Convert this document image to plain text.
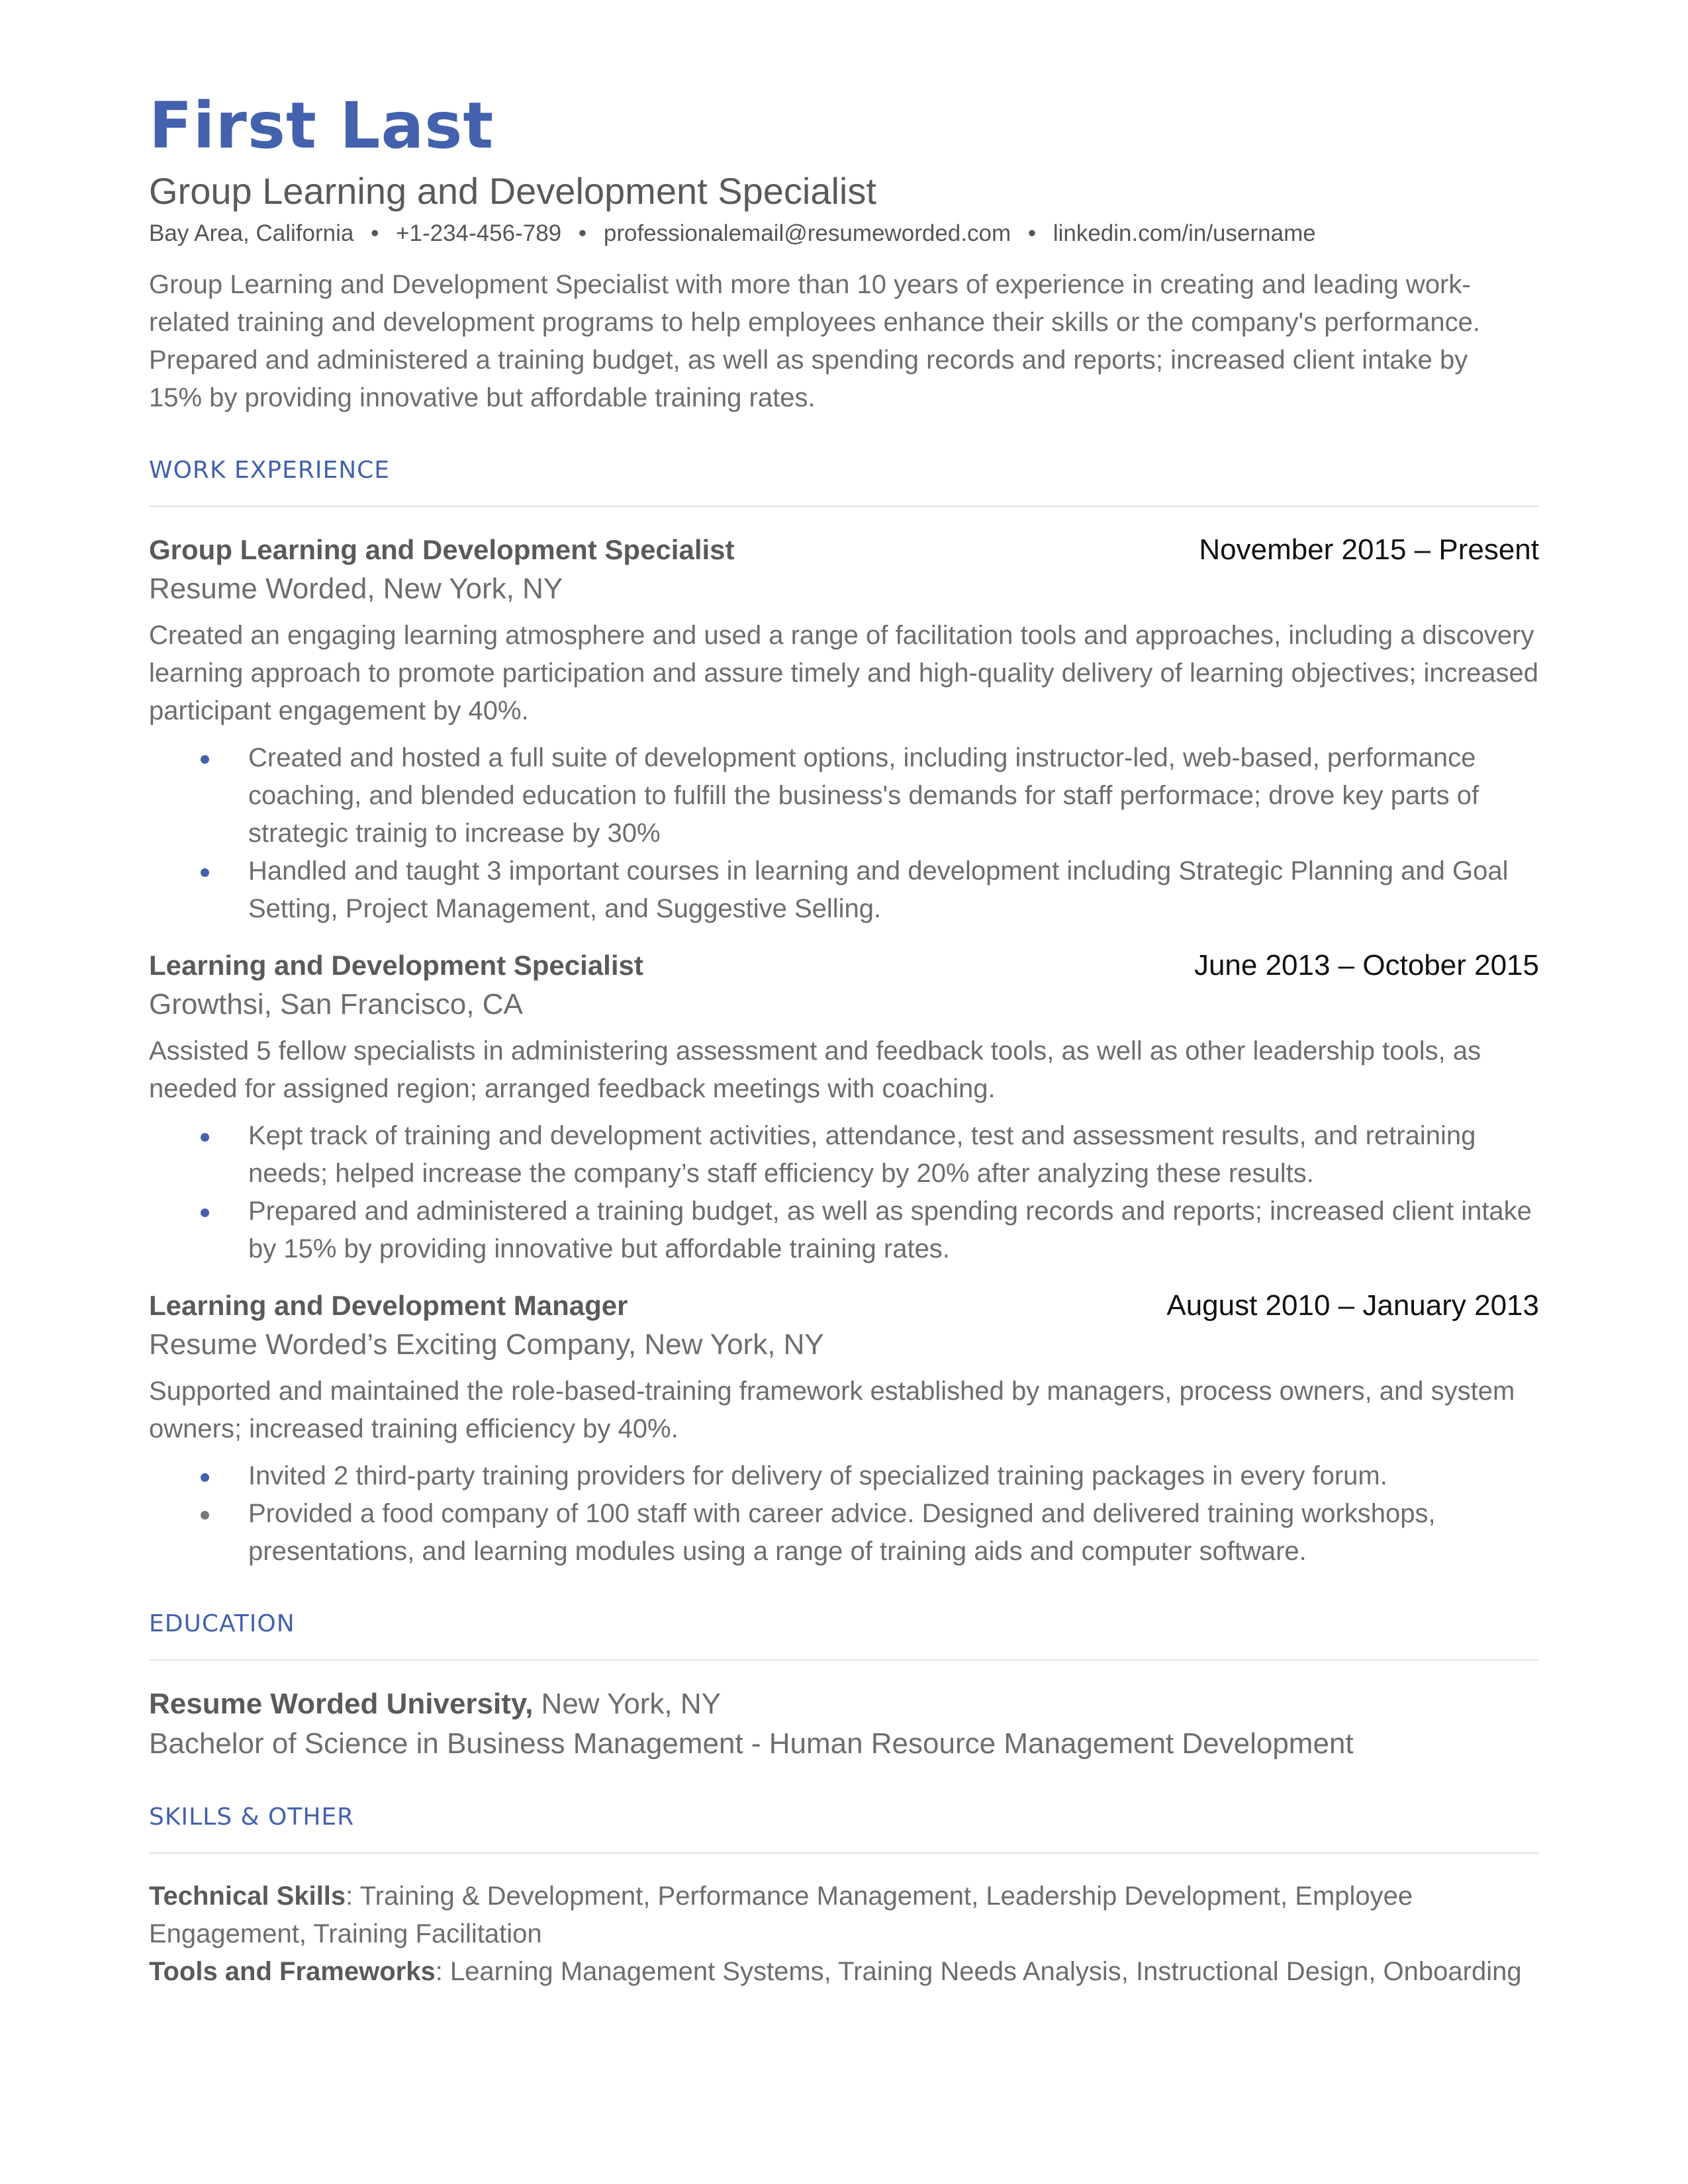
First Last
Group Learning and Development Specialist
Bay Area, California • +1-234-456-789 • professionalemail@resumeworded.com • linkedin.com/in/username
Group Learning and Development Specialist with more than 10 years of experience in creating and leading work-related training and development programs to help employees enhance their skills or the company's performance. Prepared and administered a training budget, as well as spending records and reports; increased client intake by 15% by providing innovative but affordable training rates.
WORK EXPERIENCE
Group Learning and Development Specialist	November 2015 – Present
Resume Worded, New York, NY
Created an engaging learning atmosphere and used a range of facilitation tools and approaches, including a discovery learning approach to promote participation and assure timely and high-quality delivery of learning objectives; increased participant engagement by 40%.
Created and hosted a full suite of development options, including instructor-led, web-based, performance coaching, and blended education to fulfill the business's demands for staff performace; drove key parts of strategic trainig to increase by 30%
Handled and taught 3 important courses in learning and development including Strategic Planning and Goal Setting, Project Management, and Suggestive Selling.
Learning and Development Specialist	June 2013 – October 2015
Growthsi, San Francisco, CA
Assisted 5 fellow specialists in administering assessment and feedback tools, as well as other leadership tools, as needed for assigned region; arranged feedback meetings with coaching.
Kept track of training and development activities, attendance, test and assessment results, and retraining needs; helped increase the company’s staff efficiency by 20% after analyzing these results.
Prepared and administered a training budget, as well as spending records and reports; increased client intake by 15% by providing innovative but affordable training rates.
Learning and Development Manager	August 2010 – January 2013
Resume Worded’s Exciting Company, New York, NY
Supported and maintained the role-based-training framework established by managers, process owners, and system owners; increased training efficiency by 40%.
Invited 2 third-party training providers for delivery of specialized training packages in every forum.
Provided a food company of 100 staff with career advice. Designed and delivered training workshops, presentations, and learning modules using a range of training aids and computer software.
EDUCATION
Resume Worded University, New York, NY
Bachelor of Science in Business Management - Human Resource Management Development
SKILLS & OTHER
Technical Skills: Training & Development, Performance Management, Leadership Development, Employee Engagement, Training Facilitation
Tools and Frameworks: Learning Management Systems, Training Needs Analysis, Instructional Design, Onboarding
